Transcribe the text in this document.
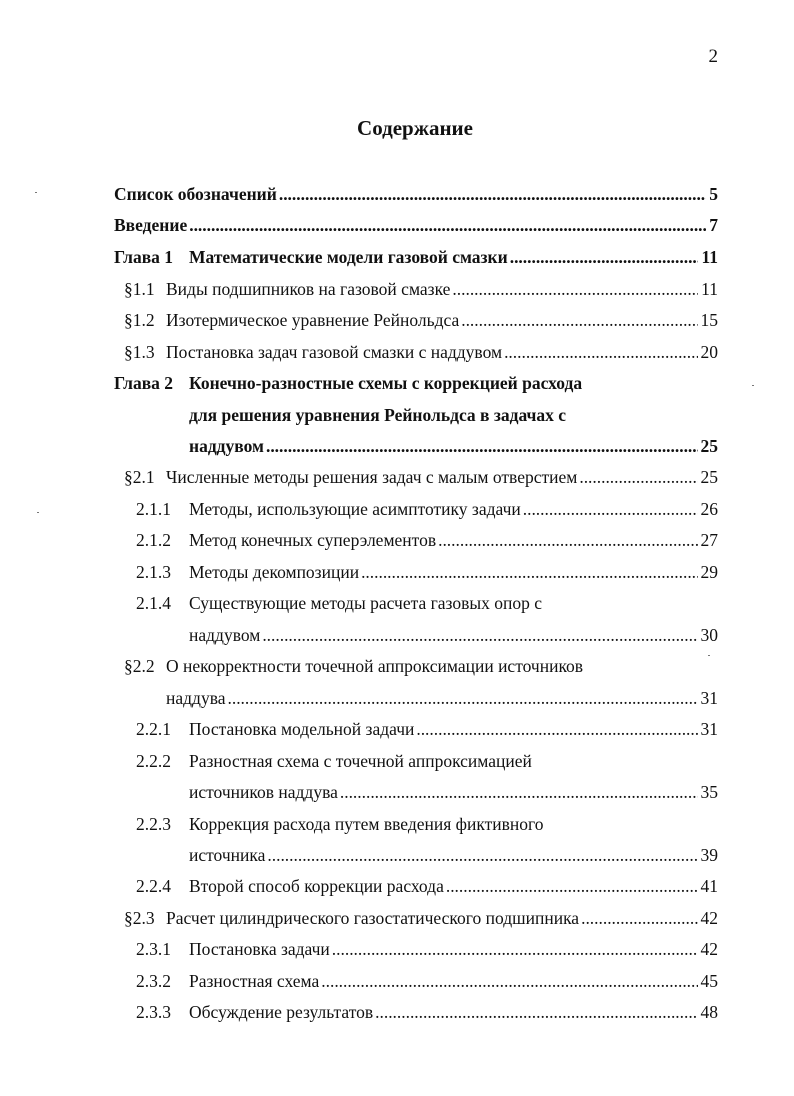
2
Содержание
Список обозначений . . .	5
Введение . . .	7
Глава 1 Математические модели газовой смазки . . .	11
§1.1 Виды подшипников на газовой смазке . . .	11
§1.2 Изотермическое уравнение Рейнольдса . . .	15
§1.3 Постановка задач газовой смазки с наддувом . . .	20
Глава 2 Конечно-разностные схемы с коррекцией расхода
для решения уравнения Рейнольдса в задачах с
наддувом . . .	25
§2.1 Численные методы решения задач с малым отверстием . . .	25
2.1.1 Методы, использующие асимптотику задачи . . .	26
2.1.2 Метод конечных суперэлементов . . .	27
2.1.3 Методы декомпозиции . . .	29
2.1.4 Существующие методы расчета газовых опор с
наддувом . . .	30
§2.2 О некорректности точечной аппроксимации источников
наддува . . .	31
2.2.1 Постановка модельной задачи . . .	31
2.2.2 Разностная схема с точечной аппроксимацией
источников наддува . . .	35
2.2.3 Коррекция расхода путем введения фиктивного
источника . . .	39
2.2.4 Второй способ коррекции расхода . . .	41
§2.3 Расчет цилиндрического газостатического подшипника . . .	42
2.3.1 Постановка задачи . . .	42
2.3.2 Разностная схема . . .	45
2.3.3 Обсуждение результатов . . .	48
